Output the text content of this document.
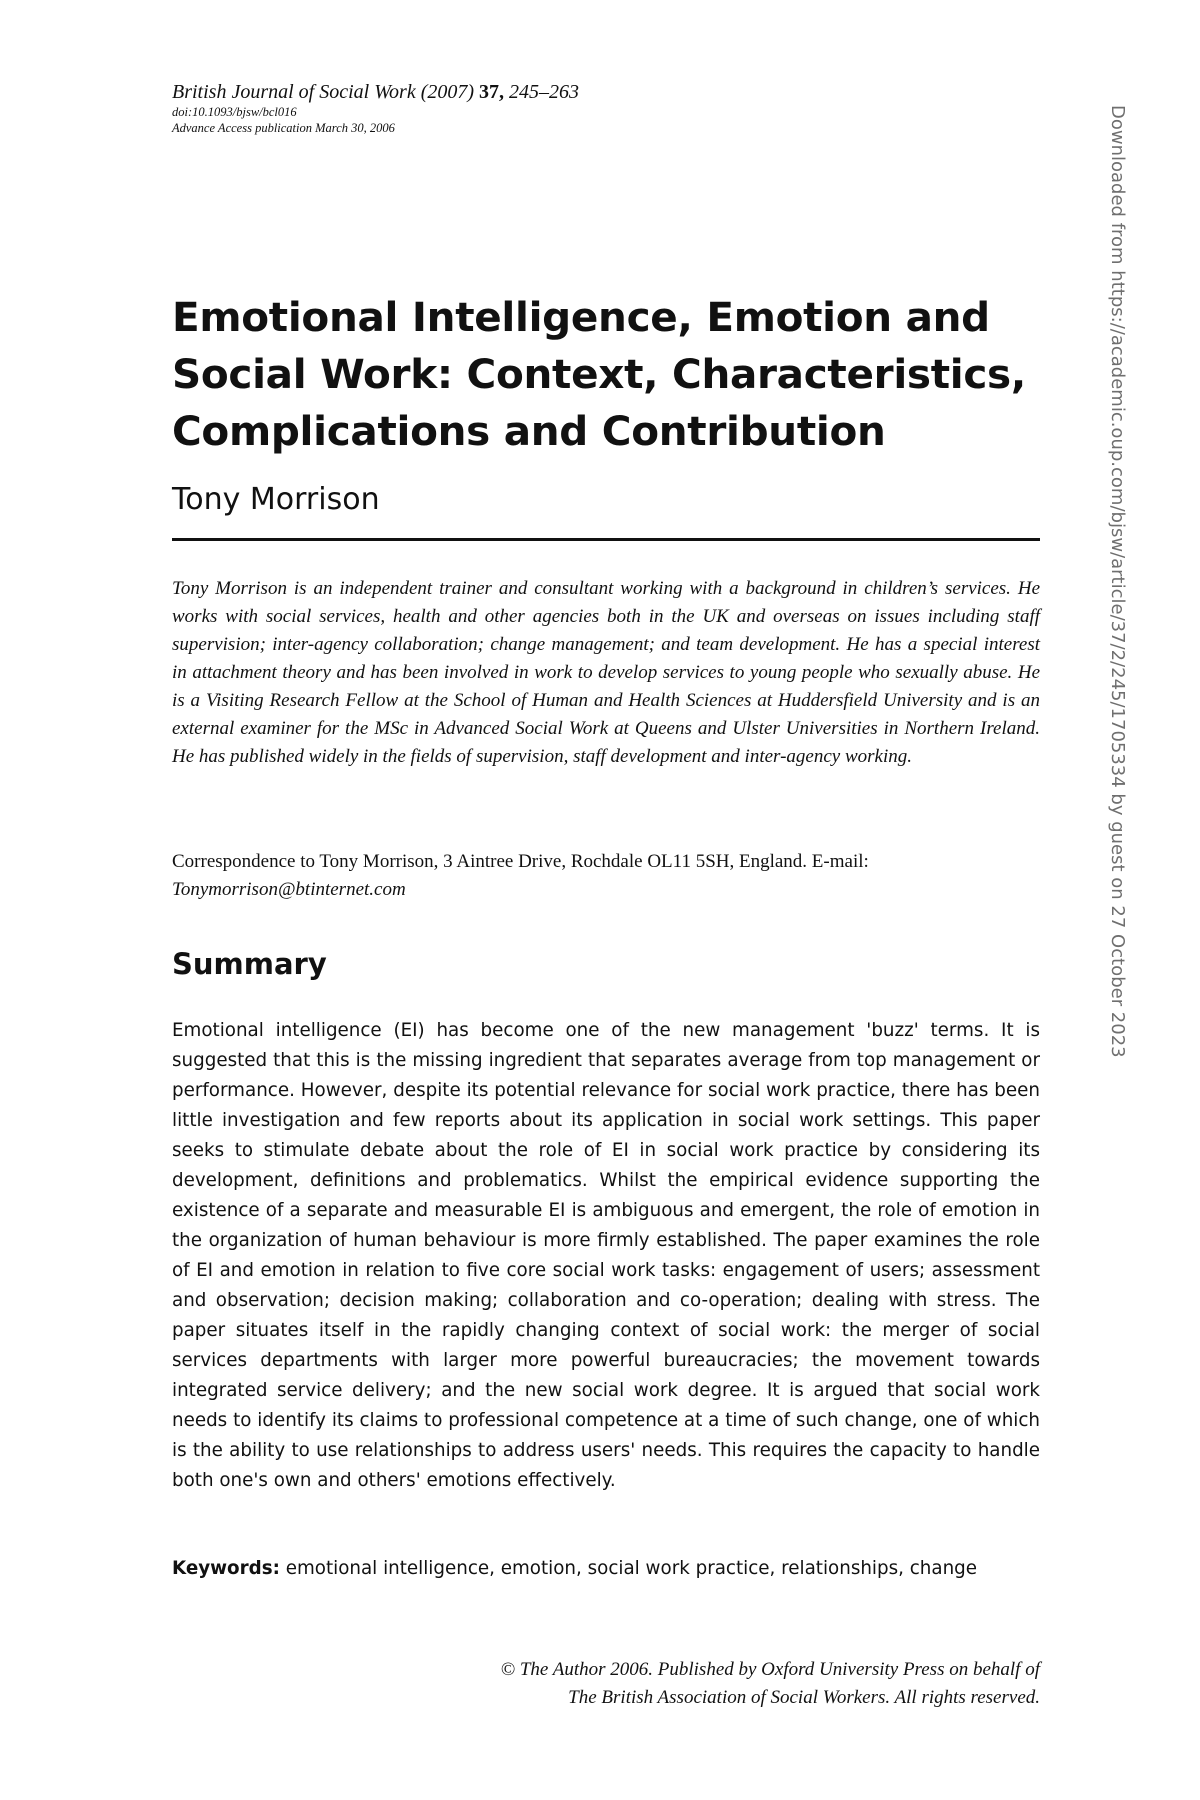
British Journal of Social Work (2007) 37, 245–263
doi:10.1093/bjsw/bcl016
Advance Access publication March 30, 2006
Emotional Intelligence, Emotion and
Social Work: Context, Characteristics,
Complications and Contribution
Tony Morrison

Tony Morrison is an independent trainer and consultant working with a background in children’s services. He works with social services, health and other agencies both in the UK and overseas on issues including staff supervision; inter-agency collaboration; change management; and team development. He has a special interest in attachment theory and has been involved in work to develop services to young people who sexually abuse. He is a Visiting Research Fellow at the School of Human and Health Sciences at Huddersfield University and is an external examiner for the MSc in Advanced Social Work at Queens and Ulster Universities in Northern Ireland. He has published widely in the fields of supervision, staff development and inter-agency working.

Correspondence to Tony Morrison, 3 Aintree Drive, Rochdale OL11 5SH, England. E-mail:
Tonymorrison@btinternet.com

Summary

Emotional intelligence (EI) has become one of the new management 'buzz' terms. It is suggested that this is the missing ingredient that separates average from top management or performance. However, despite its potential relevance for social work practice, there has been little investigation and few reports about its application in social work settings. This paper seeks to stimulate debate about the role of EI in social work practice by considering its development, definitions and problematics. Whilst the empirical evidence supporting the existence of a separate and measurable EI is ambiguous and emergent, the role of emotion in the organization of human behaviour is more firmly established. The paper examines the role of EI and emotion in relation to five core social work tasks: engagement of users; assessment and observation; decision making; collaboration and co-operation; dealing with stress. The paper situates itself in the rapidly changing context of social work: the merger of social services departments with larger more powerful bureaucracies; the movement towards integrated service delivery; and the new social work degree. It is argued that social work needs to identify its claims to professional competence at a time of such change, one of which is the ability to use relationships to address users' needs. This requires the capacity to handle both one's own and others' emotions effectively.

Keywords: emotional intelligence, emotion, social work practice, relationships, change

© The Author 2006. Published by Oxford University Press on behalf of
The British Association of Social Workers. All rights reserved.
Downloaded from https://academic.oup.com/bjsw/article/37/2/245/1705334 by guest on 27 October 2023
